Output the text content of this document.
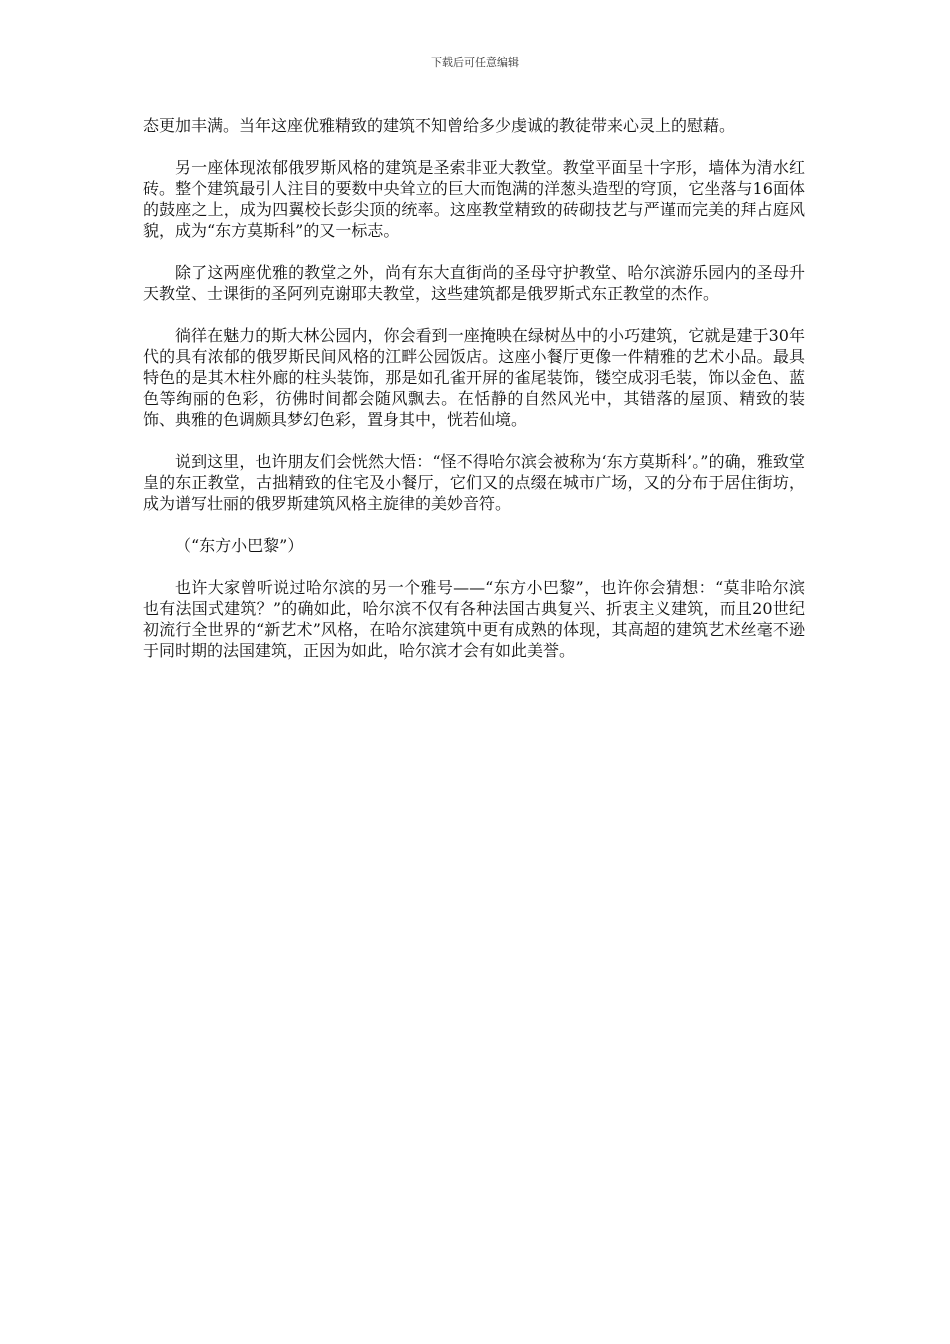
下载后可任意编辑

态更加丰满。当年这座优雅精致的建筑不知曾给多少虔诚的教徒带来心灵上的慰藉。

另一座体现浓郁俄罗斯风格的建筑是圣索非亚大教堂。教堂平面呈十字形，墙体为清水红砖。整个建筑最引人注目的要数中央耸立的巨大而饱满的洋葱头造型的穹顶，它坐落与16面体的鼓座之上，成为四翼校长彭尖顶的统率。这座教堂精致的砖砌技艺与严谨而完美的拜占庭风貌，成为“东方莫斯科”的又一标志。

除了这两座优雅的教堂之外，尚有东大直街尚的圣母守护教堂、哈尔滨游乐园内的圣母升天教堂、士课街的圣阿列克谢耶夫教堂，这些建筑都是俄罗斯式东正教堂的杰作。

徜徉在魅力的斯大林公园内，你会看到一座掩映在绿树丛中的小巧建筑，它就是建于30年代的具有浓郁的俄罗斯民间风格的江畔公园饭店。这座小餐厅更像一件精雅的艺术小品。最具特色的是其木柱外廊的柱头装饰，那是如孔雀开屏的雀尾装饰，镂空成羽毛装，饰以金色、蓝色等绚丽的色彩，彷佛时间都会随风飘去。在恬静的自然风光中，其错落的屋顶、精致的装饰、典雅的色调颇具梦幻色彩，置身其中，恍若仙境。

说到这里，也许朋友们会恍然大悟：“怪不得哈尔滨会被称为‘东方莫斯科’。”的确，雅致堂皇的东正教堂，古拙精致的住宅及小餐厅，它们又的点缀在城市广场，又的分布于居住街坊，成为谱写壮丽的俄罗斯建筑风格主旋律的美妙音符。

（“东方小巴黎”）

也许大家曾听说过哈尔滨的另一个雅号——“东方小巴黎”，也许你会猜想：“莫非哈尔滨也有法国式建筑？”的确如此，哈尔滨不仅有各种法国古典复兴、折衷主义建筑，而且20世纪初流行全世界的“新艺术”风格，在哈尔滨建筑中更有成熟的体现，其高超的建筑艺术丝毫不逊于同时期的法国建筑，正因为如此，哈尔滨才会有如此美誉。
